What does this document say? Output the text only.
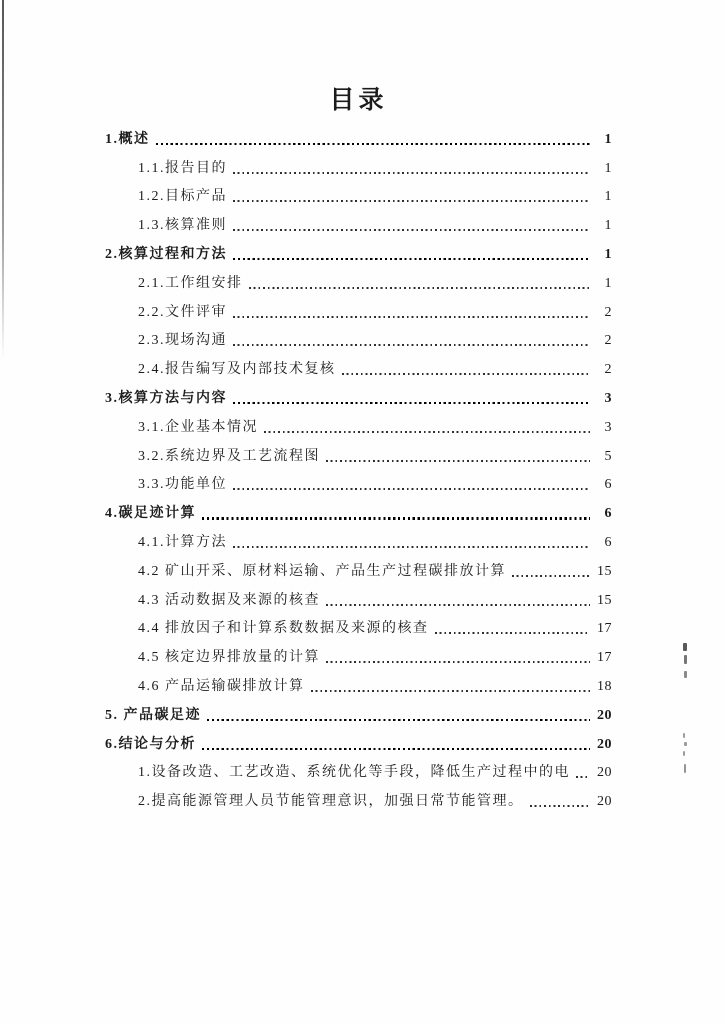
目录
1.概述	1
1.1.报告目的	1
1.2.目标产品	1
1.3.核算准则	1
2.核算过程和方法	1
2.1.工作组安排	1
2.2.文件评审	2
2.3.现场沟通	2
2.4.报告编写及内部技术复核	2
3.核算方法与内容	3
3.1.企业基本情况	3
3.2.系统边界及工艺流程图	5
3.3.功能单位	6
4.碳足迹计算	6
4.1.计算方法	6
4.2 矿山开采、原材料运输、产品生产过程碳排放计算	15
4.3 活动数据及来源的核查	15
4.4 排放因子和计算系数数据及来源的核查	17
4.5 核定边界排放量的计算	17
4.6 产品运输碳排放计算	18
5. 产品碳足迹	20
6.结论与分析	20
1.设备改造、工艺改造、系统优化等手段，降低生产过程中的电 20
2.提高能源管理人员节能管理意识，加强日常节能管理。	20
